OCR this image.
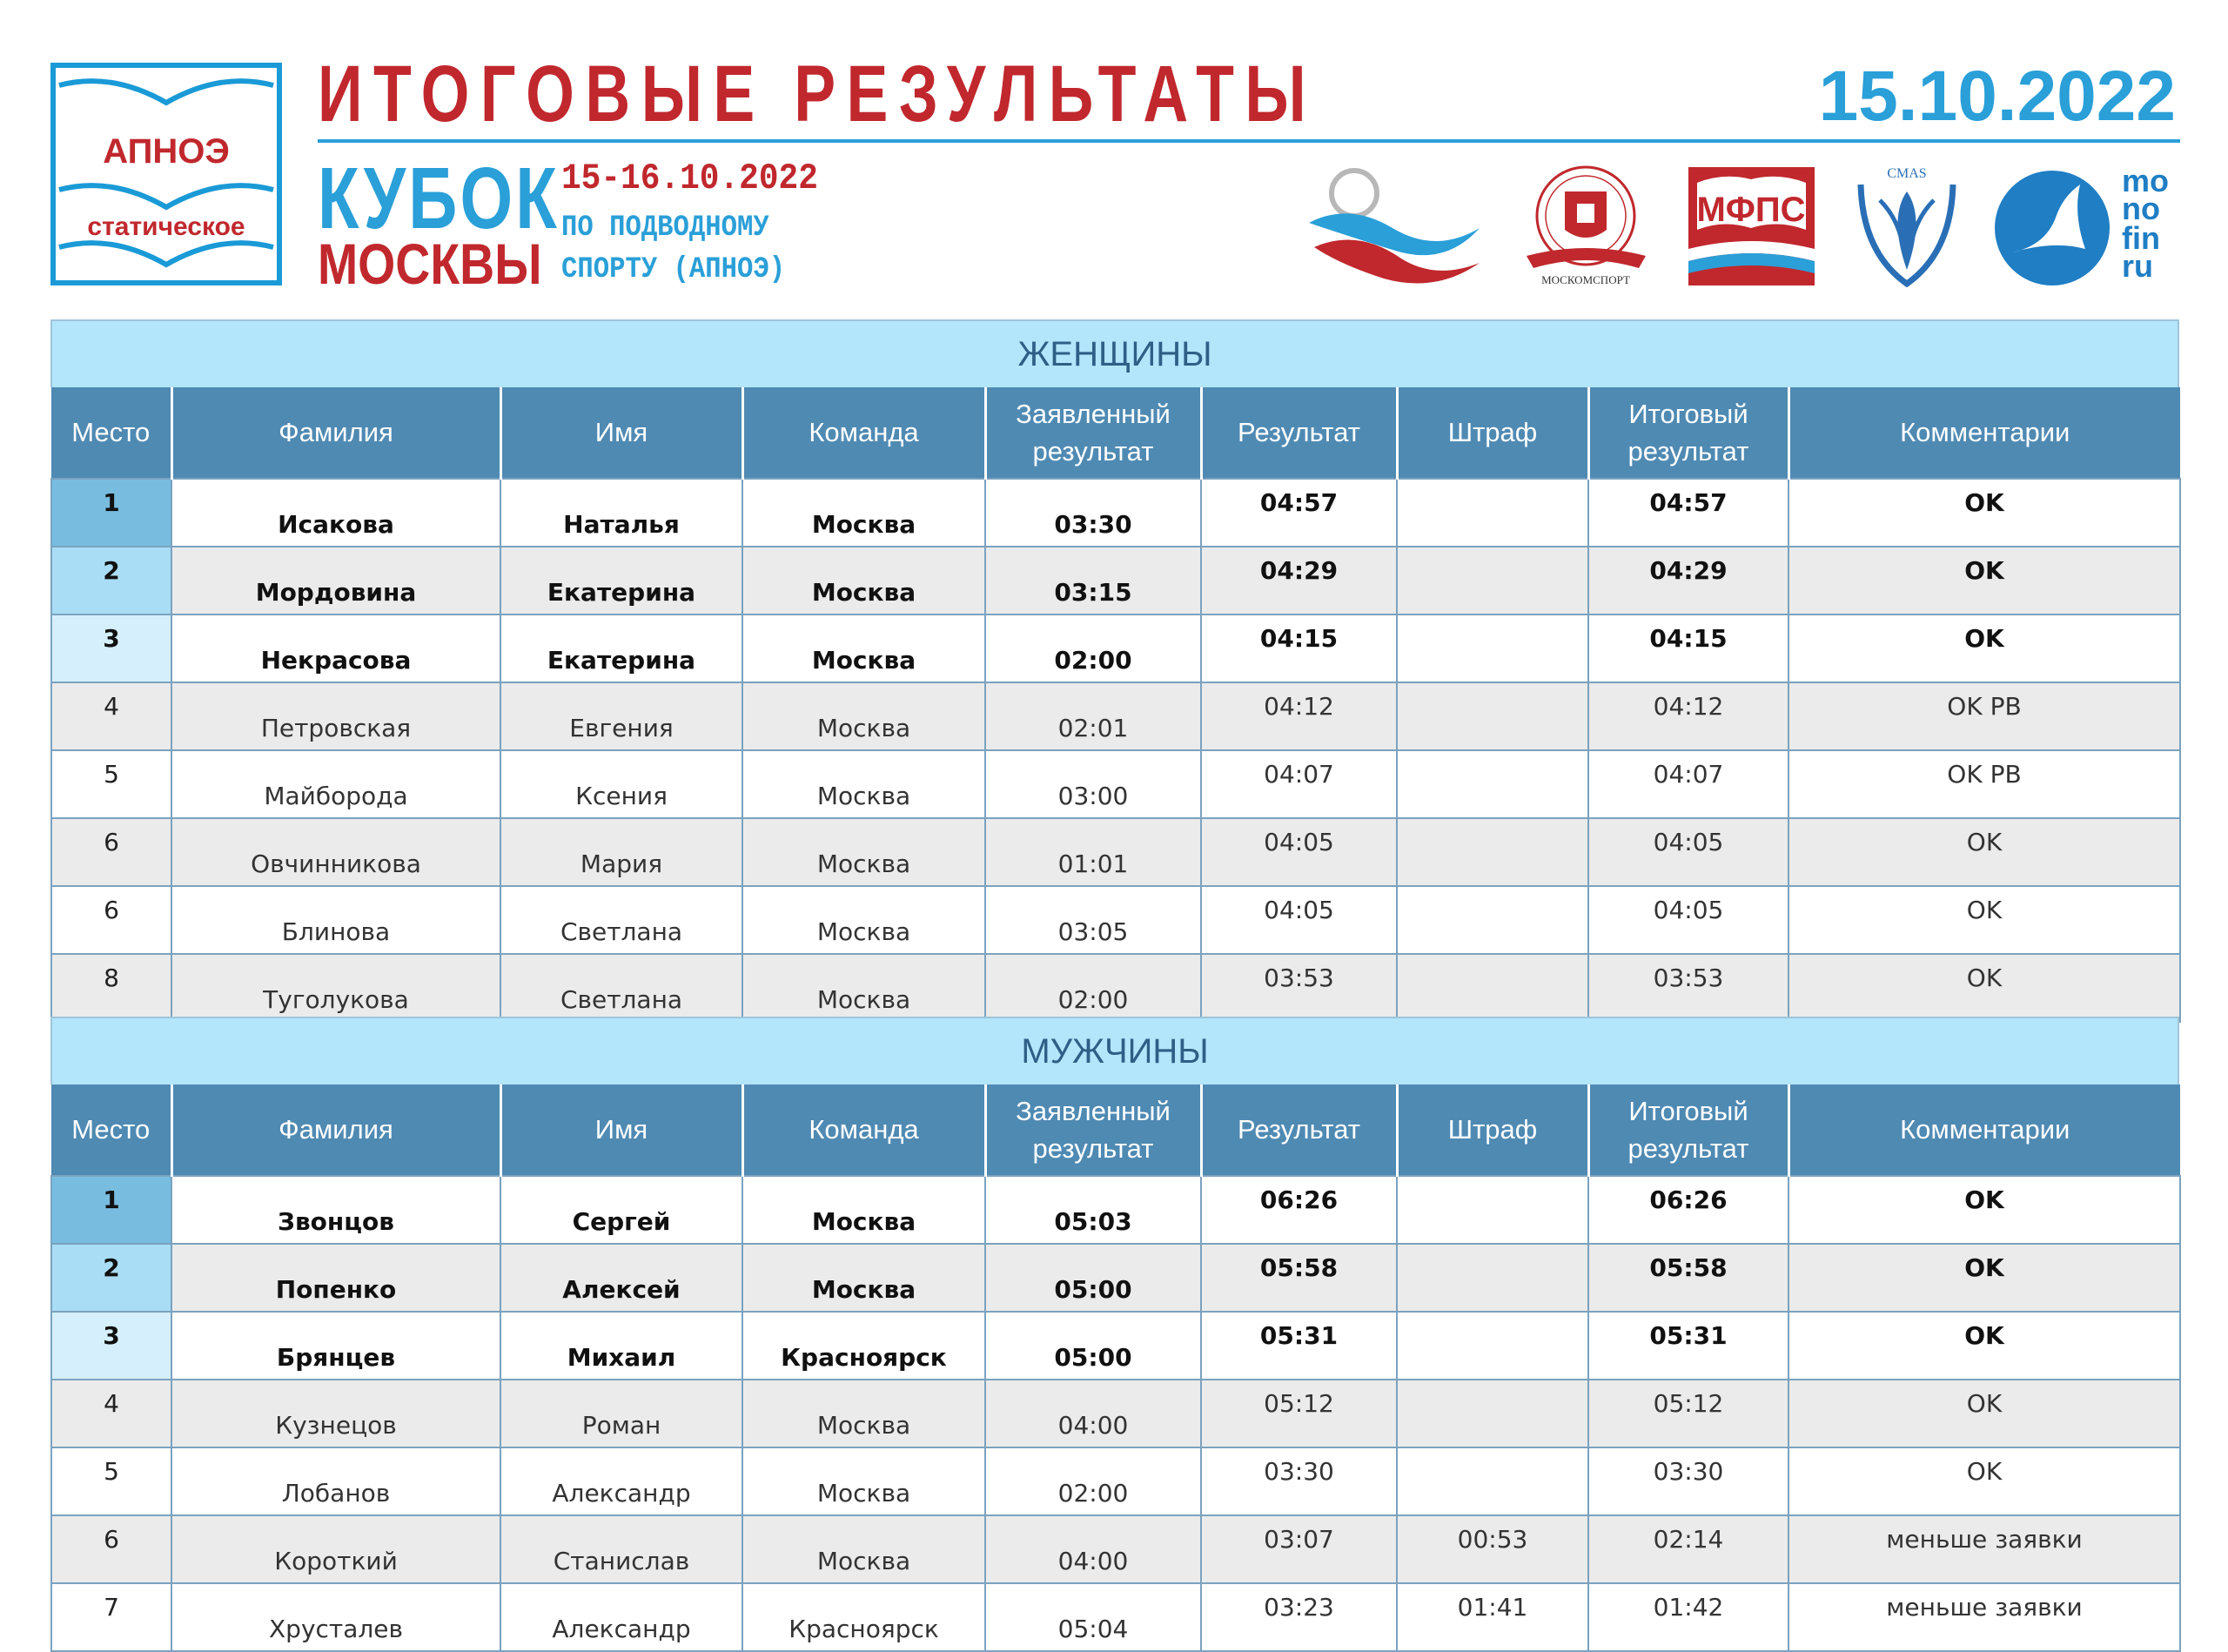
АПНОЭ
статическое
ИТОГОВЫЕ РЕЗУЛЬТАТЫ	15.10.2022
КУБОК
МОСКВЫ
15-16.10.2022
ПО ПОДВОДНОМУ
СПОРТУ (АПНОЭ)	МОСКОМСПОРТ
МФПС
CMAS	mo
no
fin
ru
ЖЕНЩИНЫ
Место	Фамилия	Имя	Команда	Заявленный результат	Результат	Штраф	Итоговый результат	Комментарии
1	Исакова	Наталья	Москва	03:30	04:57		04:57	OK
2	Мордовина	Екатерина	Москва	03:15	04:29		04:29	OK
3	Некрасова	Екатерина	Москва	02:00	04:15		04:15	OK
4	Петровская	Евгения	Москва	02:01	04:12		04:12	OK PB
5	Майборода	Ксения	Москва	03:00	04:07		04:07	OK PB
6	Овчинникова	Мария	Москва	01:01	04:05		04:05	OK
6	Блинова	Светлана	Москва	03:05	04:05		04:05	OK
8	Туголукова	Светлана	Москва	02:00	03:53		03:53	OK
МУЖЧИНЫ
Место	Фамилия	Имя	Команда	Заявленный результат	Результат	Штраф	Итоговый результат	Комментарии
1	Звонцов	Сергей	Москва	05:03	06:26		06:26	OK
2	Попенко	Алексей	Москва	05:00	05:58		05:58	OK
3	Брянцев	Михаил	Красноярск	05:00	05:31		05:31	OK
4	Кузнецов	Роман	Москва	04:00	05:12		05:12	OK
5	Лобанов	Александр	Москва	02:00	03:30		03:30	OK
6	Короткий	Станислав	Москва	04:00	03:07	00:53	02:14	меньше заявки
7	Хрусталев	Александр	Красноярск	05:04	03:23	01:41	01:42	меньше заявки
